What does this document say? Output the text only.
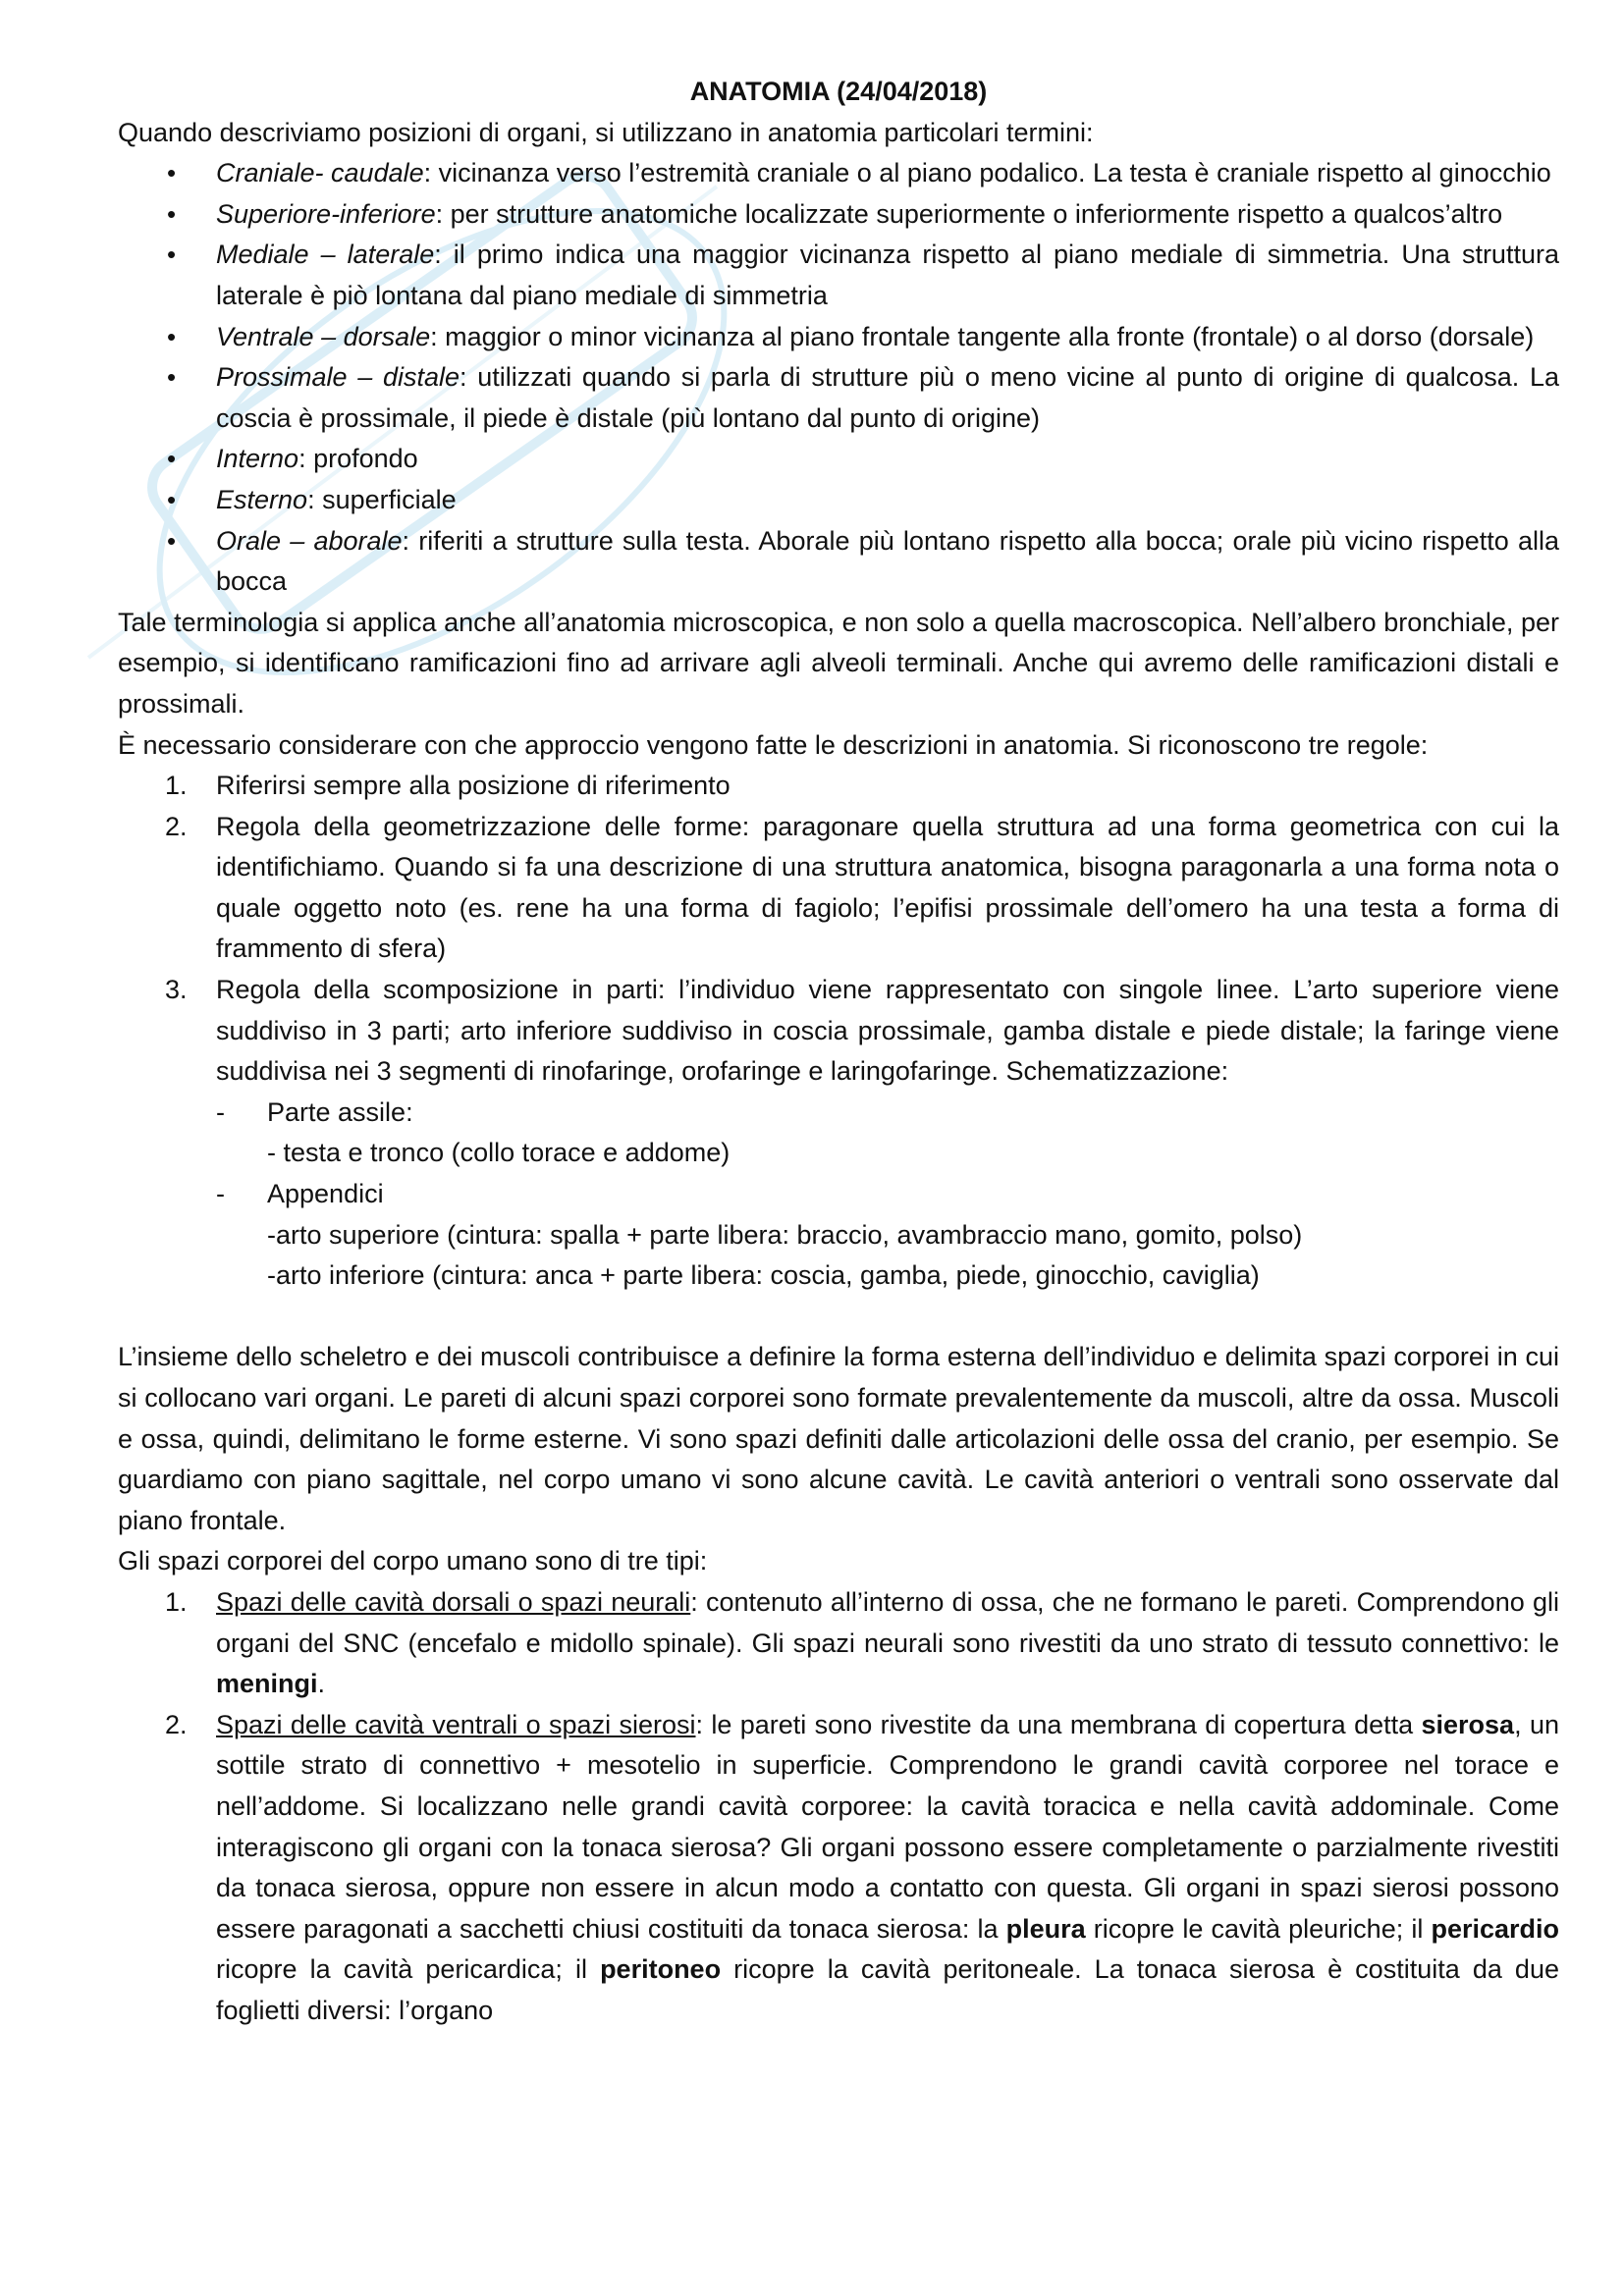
ANATOMIA (24/04/2018)

Quando descriviamo posizioni di organi, si utilizzano in anatomia particolari termini:

• Craniale- caudale: vicinanza verso l’estremità craniale o al piano podalico. La testa è craniale rispetto al ginocchio
• Superiore-inferiore: per strutture anatomiche localizzate superiormente o inferiormente rispetto a qualcos’altro
• Mediale – laterale: il primo indica una maggior vicinanza rispetto al piano mediale di simmetria. Una struttura laterale è piò lontana dal piano mediale di simmetria
• Ventrale – dorsale: maggior o minor vicinanza al piano frontale tangente alla fronte (frontale) o al dorso (dorsale)
• Prossimale – distale: utilizzati quando si parla di strutture più o meno vicine al punto di origine di qualcosa. La coscia è prossimale, il piede è distale (più lontano dal punto di origine)
• Interno: profondo
• Esterno: superficiale
• Orale – aborale: riferiti a strutture sulla testa. Aborale più lontano rispetto alla bocca; orale più vicino rispetto alla bocca

Tale terminologia si applica anche all’anatomia microscopica, e non solo a quella macroscopica. Nell’albero bronchiale, per esempio, si identificano ramificazioni fino ad arrivare agli alveoli terminali. Anche qui avremo delle ramificazioni distali e prossimali.

È necessario considerare con che approccio vengono fatte le descrizioni in anatomia. Si riconoscono tre regole:

1. Riferirsi sempre alla posizione di riferimento
2. Regola della geometrizzazione delle forme: paragonare quella struttura ad una forma geometrica con cui la identifichiamo. Quando si fa una descrizione di una struttura anatomica, bisogna paragonarla a una forma nota o quale oggetto noto (es. rene ha una forma di fagiolo; l’epifisi prossimale dell’omero ha una testa a forma di frammento di sfera)
3. Regola della scomposizione in parti: l’individuo viene rappresentato con singole linee. L’arto superiore viene suddiviso in 3 parti; arto inferiore suddiviso in coscia prossimale, gamba distale e piede distale; la faringe viene suddivisa nei 3 segmenti di rinofaringe, orofaringe e laringofaringe. Schematizzazione:
- Parte assile:
- testa e tronco (collo torace e addome)
- Appendici
-arto superiore (cintura: spalla + parte libera: braccio, avambraccio mano, gomito, polso)
-arto inferiore (cintura: anca + parte libera: coscia, gamba, piede, ginocchio, caviglia)

L’insieme dello scheletro e dei muscoli contribuisce a definire la forma esterna dell’individuo e delimita spazi corporei in cui si collocano vari organi. Le pareti di alcuni spazi corporei sono formate prevalentemente da muscoli, altre da ossa. Muscoli e ossa, quindi, delimitano le forme esterne. Vi sono spazi definiti dalle articolazioni delle ossa del cranio, per esempio. Se guardiamo con piano sagittale, nel corpo umano vi sono alcune cavità. Le cavità anteriori o ventrali sono osservate dal piano frontale.

Gli spazi corporei del corpo umano sono di tre tipi:

1. Spazi delle cavità dorsali o spazi neurali: contenuto all’interno di ossa, che ne formano le pareti. Comprendono gli organi del SNC (encefalo e midollo spinale). Gli spazi neurali sono rivestiti da uno strato di tessuto connettivo: le meningi.
2. Spazi delle cavità ventrali o spazi sierosi: le pareti sono rivestite da una membrana di copertura detta sierosa, un sottile strato di connettivo + mesotelio in superficie. Comprendono le grandi cavità corporee nel torace e nell’addome. Si localizzano nelle grandi cavità corporee: la cavità toracica e nella cavità addominale. Come interagiscono gli organi con la tonaca sierosa? Gli organi possono essere completamente o parzialmente rivestiti da tonaca sierosa, oppure non essere in alcun modo a contatto con questa. Gli organi in spazi sierosi possono essere paragonati a sacchetti chiusi costituiti da tonaca sierosa: la pleura ricopre le cavità pleuriche; il pericardio ricopre la cavità pericardica; il peritoneo ricopre la cavità peritoneale. La tonaca sierosa è costituita da due foglietti diversi: l’organo
